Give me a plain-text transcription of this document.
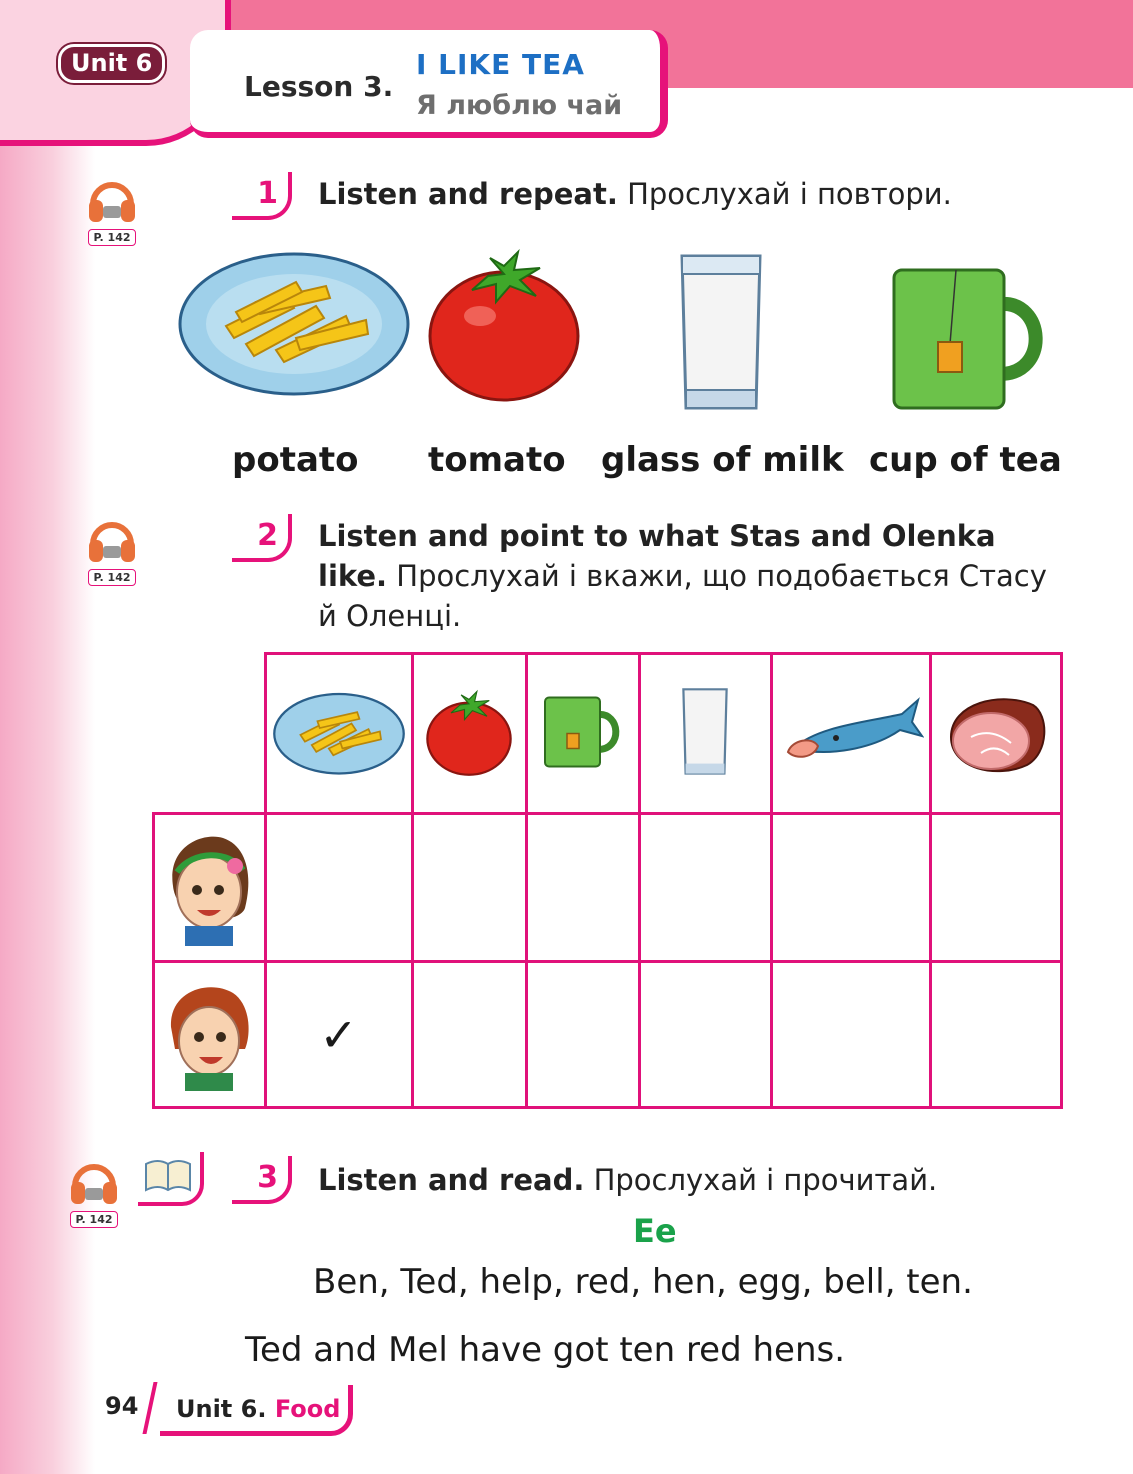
Unit 6
Lesson 3.
I LIKE TEA
Я люблю чай
P. 142
1	Listen and repeat. Прослухай і повтори.
potato tomato glass of milk cup of tea
P. 142
2	Listen and point to what Stas and Olenka like. Прослухай і вкажи, що подобається Стасу й Оленці.

	✓					
P. 142
3	Listen and read. Прослухай і прочитай.
Ee
Ben, Ted, help, red, hen, egg, bell, ten.
Ted and Mel have got ten red hens.
94	Unit 6. Food
